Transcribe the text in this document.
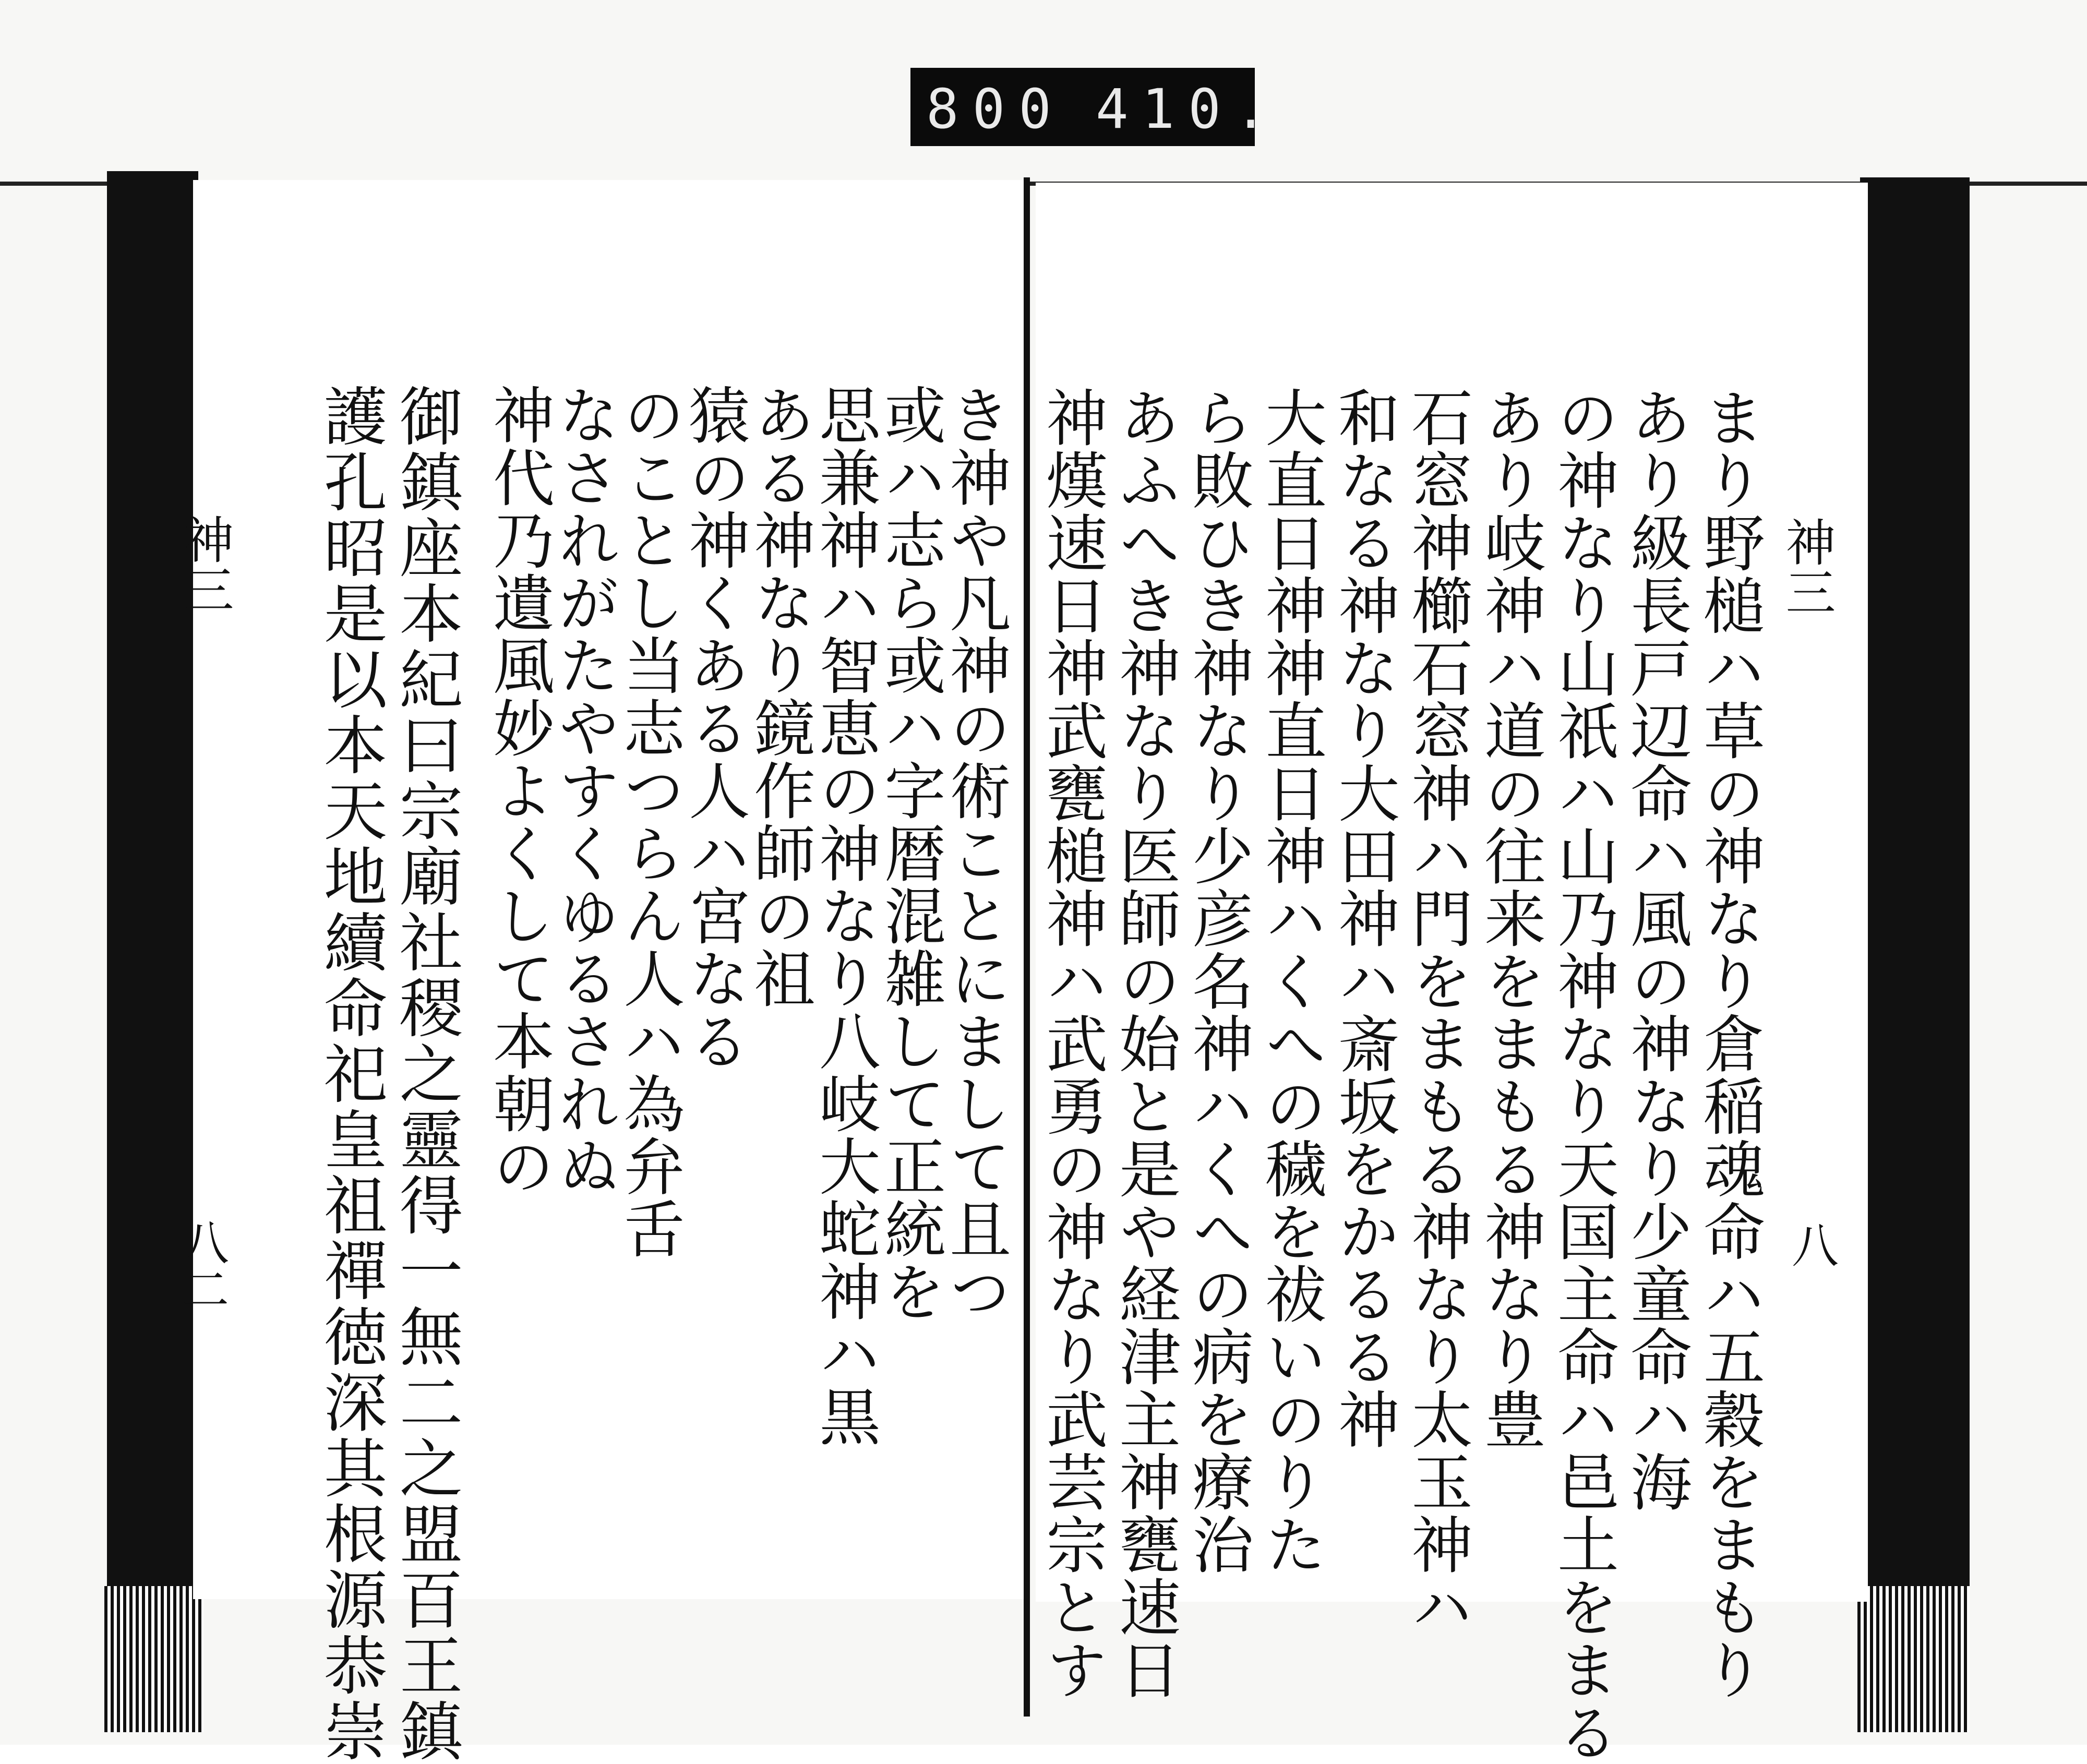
800 410.
神三
八二 護孔昭是以本天地續命祀皇祖禪徳深其根源恭崇 御鎮座本紀曰宗廟社稷之靈得一無二之盟百王鎮 神代乃遺風妙よくして本朝の
なされがたやすくゆるされぬ
のことし当志つらん人ハ為弁舌
猿の神くある人ハ宮なる
ある神なり鏡作師の祖
思兼神ハ智恵の神なり八岐大蛇神ハ黒
或ハ志ら或ハ字暦混雑して正統を
き神や凡神の術ことにまして且つ 神熯速日神武甕槌神ハ武勇の神なり武芸宗とす あふへき神なり医師の始と是や経津主神甕速日 ら敗ひき神なり少彦名神ハくへの病を療治 大直日神神直日神ハくへの穢を祓いのりた 和なる神なり大田神ハ斎坂をかるる神 石窓神櫛石窓神ハ門をまもる神なり太玉神ハ あり岐神ハ道の往来をまもる神なり豊 の神なり山祇ハ山乃神なり天国主命ハ邑土をまる あり級長戸辺命ハ風の神なり少童命ハ海 まり野槌ハ草の神なり倉稲魂命ハ五穀をまもり 神三
八
